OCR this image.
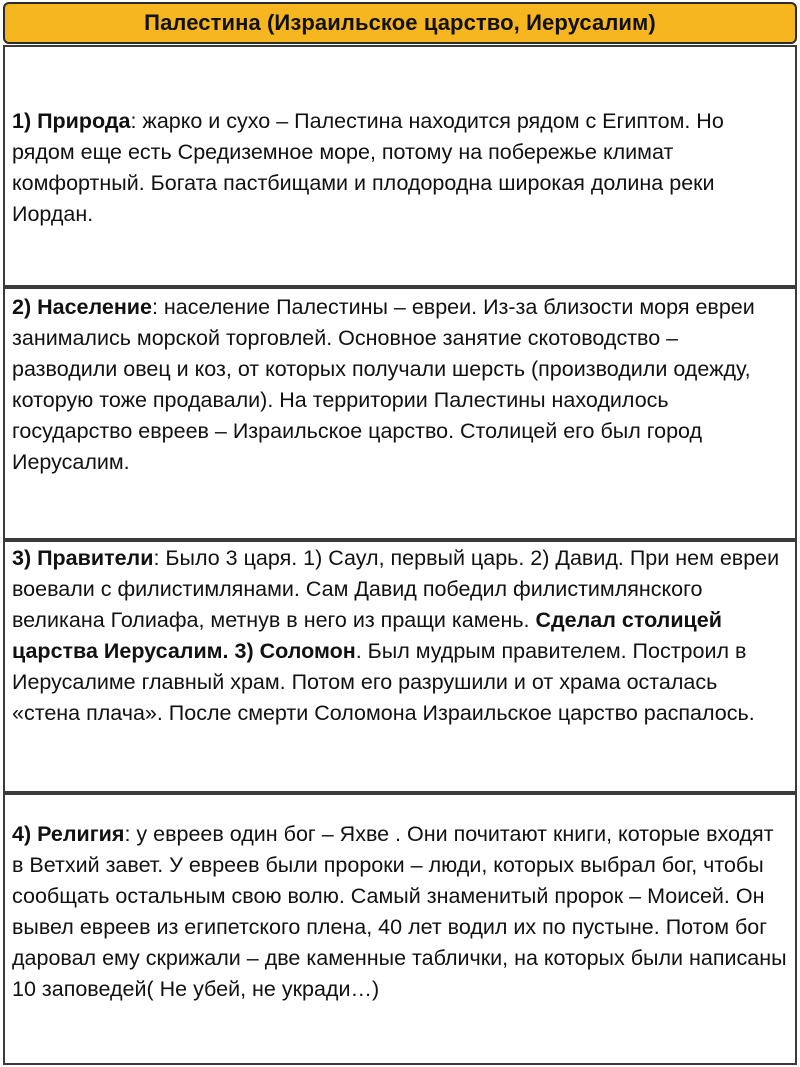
Палестина (Израильское царство, Иерусалим)
1) Природа: жарко и сухо – Палестина находится рядом с Египтом. Но рядом еще есть Средиземное море, потому на побережье климат комфортный. Богата пастбищами и плодородна широкая долина реки Иордан.
2) Население: население Палестины – евреи. Из-за близости моря евреи занимались морской торговлей. Основное занятие скотоводство – разводили овец и коз, от которых получали шерсть (производили одежду, которую тоже продавали). На территории Палестины находилось государство евреев – Израильское царство. Столицей его был город Иерусалим.
3) Правители: Было 3 царя. 1) Саул, первый царь. 2) Давид. При нем евреи воевали с филистимлянами. Сам Давид победил филистимлянского великана Голиафа, метнув в него из пращи камень. Сделал столицей царства Иерусалим. 3) Соломон. Был мудрым правителем. Построил в Иерусалиме главный храм. Потом его разрушили и от храма осталась «стена плача». После смерти Соломона Израильское царство распалось.
4) Религия: у евреев один бог – Яхве . Они почитают книги, которые входят в Ветхий завет. У евреев были пророки – люди, которых выбрал бог, чтобы сообщать остальным свою волю. Самый знаменитый пророк – Моисей. Он вывел евреев из египетского плена, 40 лет водил их по пустыне. Потом бог даровал ему скрижали – две каменные таблички, на которых были написаны 10 заповедей( Не убей, не укради…)
